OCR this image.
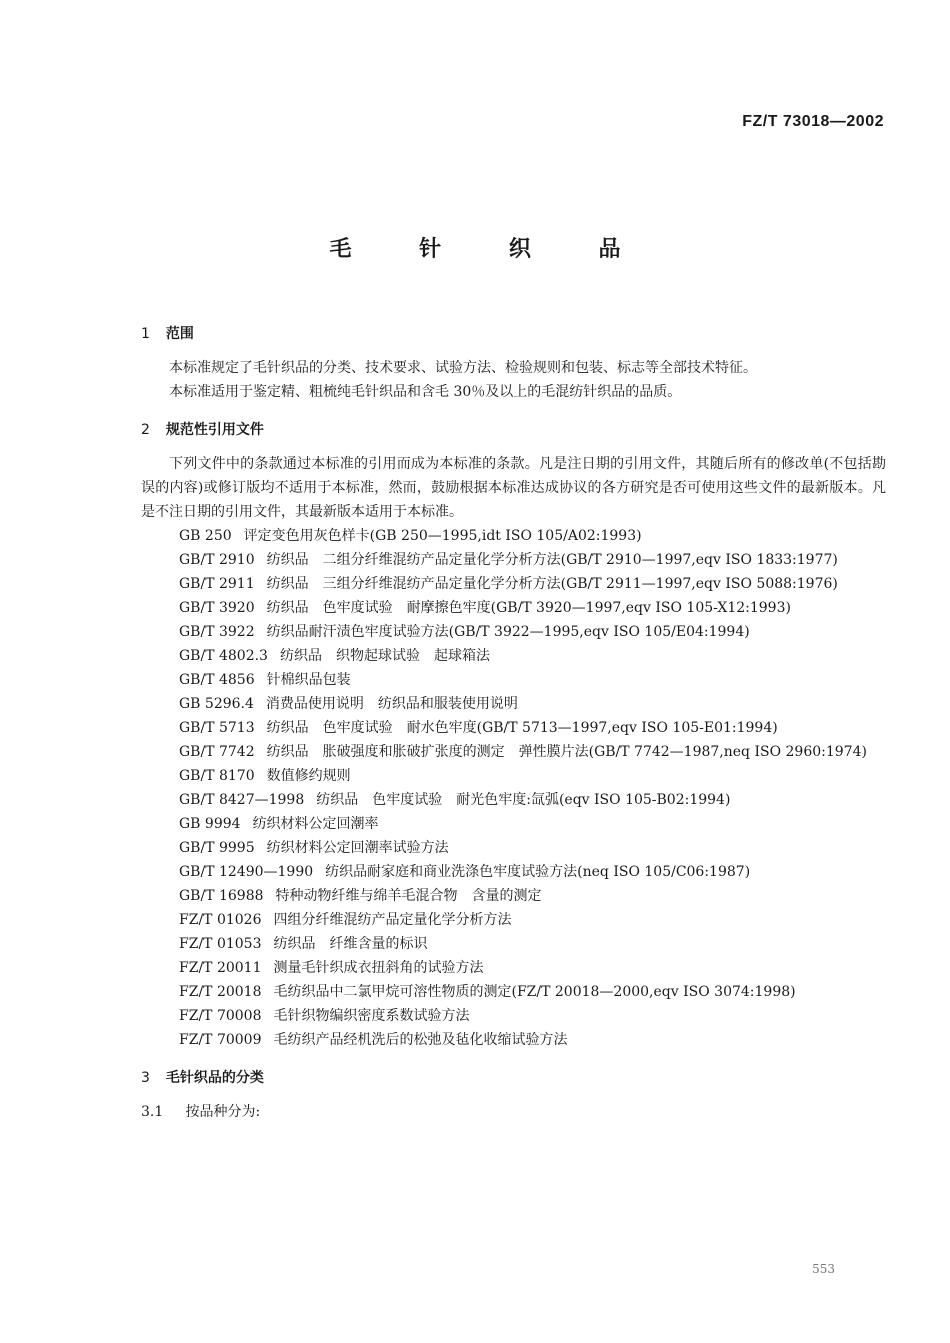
FZ/T 73018—2002
毛 针 织 品
1 范围

本标准规定了毛针织品的分类、技术要求、试验方法、检验规则和包装、标志等全部技术特征。

本标准适用于鉴定精、粗梳纯毛针织品和含毛 30％及以上的毛混纺针织品的品质。

2 规范性引用文件

下列文件中的条款通过本标准的引用而成为本标准的条款。凡是注日期的引用文件，其随后所有的修改单(不包括勘误的内容)或修订版均不适用于本标准，然而，鼓励根据本标准达成协议的各方研究是否可使用这些文件的最新版本。凡是不注日期的引用文件，其最新版本适用于本标准。

GB 250 评定变色用灰色样卡(GB 250—1995,idt ISO 105/A02:1993)
GB/T 2910 纺织品　二组分纤维混纺产品定量化学分析方法(GB/T 2910—1997,eqv ISO 1833:1977)
GB/T 2911 纺织品　三组分纤维混纺产品定量化学分析方法(GB/T 2911—1997,eqv ISO 5088:1976)
GB/T 3920 纺织品　色牢度试验　耐摩擦色牢度(GB/T 3920—1997,eqv ISO 105-X12:1993)
GB/T 3922 纺织品耐汗渍色牢度试验方法(GB/T 3922—1995,eqv ISO 105/E04:1994)
GB/T 4802.3 纺织品　织物起球试验　起球箱法
GB/T 4856 针棉织品包装
GB 5296.4 消费品使用说明　纺织品和服装使用说明
GB/T 5713 纺织品　色牢度试验　耐水色牢度(GB/T 5713—1997,eqv ISO 105-E01:1994)
GB/T 7742 纺织品　胀破强度和胀破扩张度的测定　弹性膜片法(GB/T 7742—1987,neq ISO 2960:1974)
GB/T 8170 数值修约规则
GB/T 8427—1998 纺织品　色牢度试验　耐光色牢度:氙弧(eqv ISO 105-B02:1994)
GB 9994 纺织材料公定回潮率
GB/T 9995 纺织材料公定回潮率试验方法
GB/T 12490—1990 纺织品耐家庭和商业洗涤色牢度试验方法(neq ISO 105/C06:1987)
GB/T 16988 特种动物纤维与绵羊毛混合物　含量的测定
FZ/T 01026 四组分纤维混纺产品定量化学分析方法
FZ/T 01053 纺织品　纤维含量的标识
FZ/T 20011 测量毛针织成衣扭斜角的试验方法
FZ/T 20018 毛纺织品中二氯甲烷可溶性物质的测定(FZ/T 20018—2000,eqv ISO 3074:1998)
FZ/T 70008 毛针织物编织密度系数试验方法
FZ/T 70009 毛纺织产品经机洗后的松弛及毡化收缩试验方法
3 毛针织品的分类
3.1 按品种分为:
553
